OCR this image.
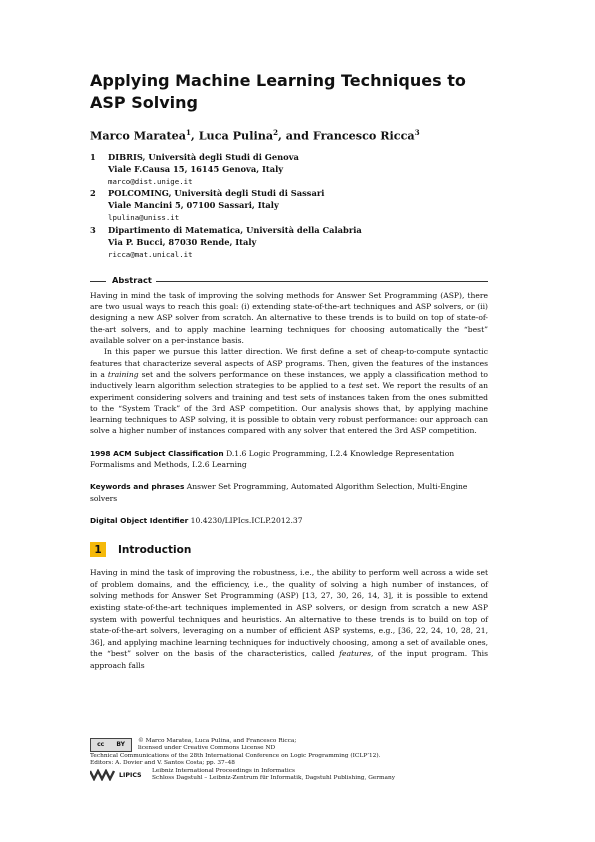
Applying Machine Learning Techniques to ASP Solving
Marco Maratea$^1$, Luca Pulina$^2$, and Francesco Ricca$^3$
1	DIBRIS, Università degli Studi di Genova
Viale F.Causa 15, 16145 Genova, Italy
marco@dist.unige.it
2	POLCOMING, Università degli Studi di Sassari
Viale Mancini 5, 07100 Sassari, Italy
lpulina@uniss.it
3	Dipartimento di Matematica, Università della Calabria
Via P. Bucci, 87030 Rende, Italy
ricca@mat.unical.it
Abstract

Having in mind the task of improving the solving methods for Answer Set Programming (ASP), there are two usual ways to reach this goal: (i) extending state-of-the-art techniques and ASP solvers, or (ii) designing a new ASP solver from scratch. An alternative to these trends is to build on top of state-of-the-art solvers, and to apply machine learning techniques for choosing automatically the “best” available solver on a per-instance basis.

In this paper we pursue this latter direction. We first define a set of cheap-to-compute syntactic features that characterize several aspects of ASP programs. Then, given the features of the instances in a training set and the solvers performance on these instances, we apply a classification method to inductively learn algorithm selection strategies to be applied to a test set. We report the results of an experiment considering solvers and training and test sets of instances taken from the ones submitted to the “System Track” of the 3rd ASP competition. Our analysis shows that, by applying machine learning techniques to ASP solving, it is possible to obtain very robust performance: our approach can solve a higher number of instances compared with any solver that entered the 3rd ASP competition.

1998 ACM Subject Classification D.1.6 Logic Programming, I.2.4 Knowledge Representation Formalisms and Methods, I.2.6 Learning
Keywords and phrases Answer Set Programming, Automated Algorithm Selection, Multi-Engine solvers
Digital Object Identifier 10.4230/LIPIcs.ICLP.2012.37
1	Introduction
Having in mind the task of improving the robustness, i.e., the ability to perform well across a wide set of problem domains, and the efficiency, i.e., the quality of solving a high number of instances, of solving methods for Answer Set Programming (ASP) [13, 27, 30, 26, 14, 3], it is possible to extend existing state-of-the-art techniques implemented in ASP solvers, or design from scratch a new ASP system with powerful techniques and heuristics. An alternative to these trends is to build on top of state-of-the-art solvers, leveraging on a number of efficient ASP systems, e.g., [36, 22, 24, 10, 28, 21, 36], and applying machine learning techniques for inductively choosing, among a set of available ones, the “best” solver on the basis of the characteristics, called features, of the input program. This approach falls
cc BY
© Marco Maratea, Luca Pulina, and Francesco Ricca;
licensed under Creative Commons License ND
Technical Communications of the 28th International Conference on Logic Programming (ICLP’12).
Editors: A. Dovier and V. Santos Costa; pp. 37–48
LIPICS
Leibniz International Proceedings in Informatics
Schloss Dagstuhl – Leibniz-Zentrum für Informatik, Dagstuhl Publishing, Germany
